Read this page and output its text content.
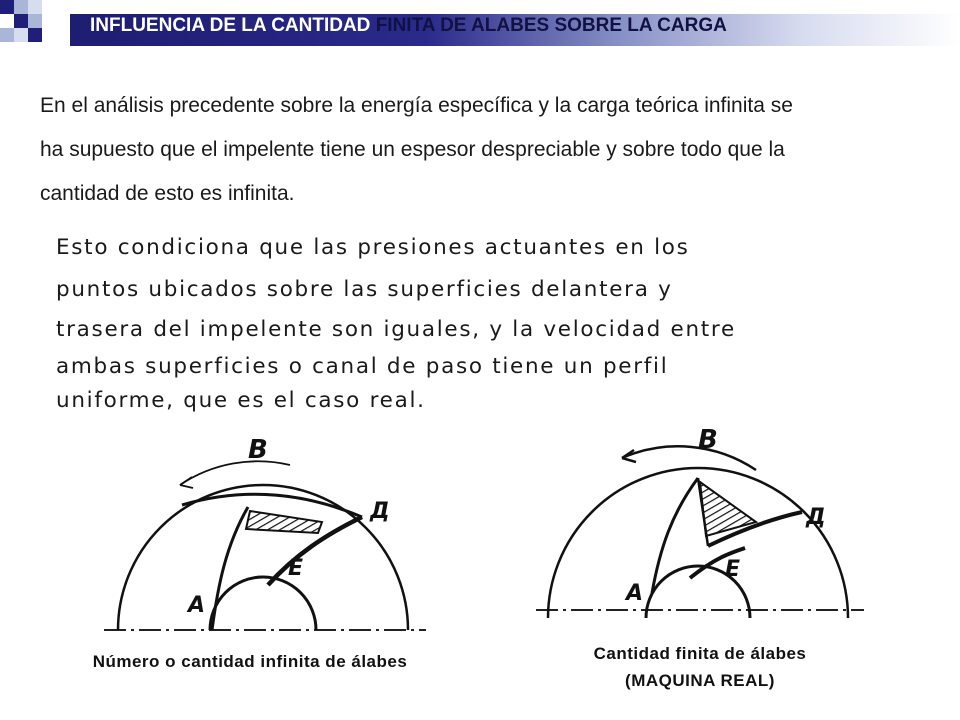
INFLUENCIA DE LA CANTIDAD FINITA DE ALABES SOBRE LA CARGA
En el análisis precedente sobre la energía específica y la carga teórica infinita se
ha supuesto que el impelente tiene un espesor despreciable y sobre todo que la
cantidad de esto es infinita.
Esto condiciona que las presiones actuantes en los
puntos ubicados sobre las superficies delantera y
trasera del impelente son iguales, y la velocidad entre
ambas superficies o canal de paso tiene un perfil
uniforme, que es el caso real.
B
Д
E
A
B
Д
E
A
Número o cantidad infinita de álabes	Cantidad finita de álabes
(MAQUINA REAL)
